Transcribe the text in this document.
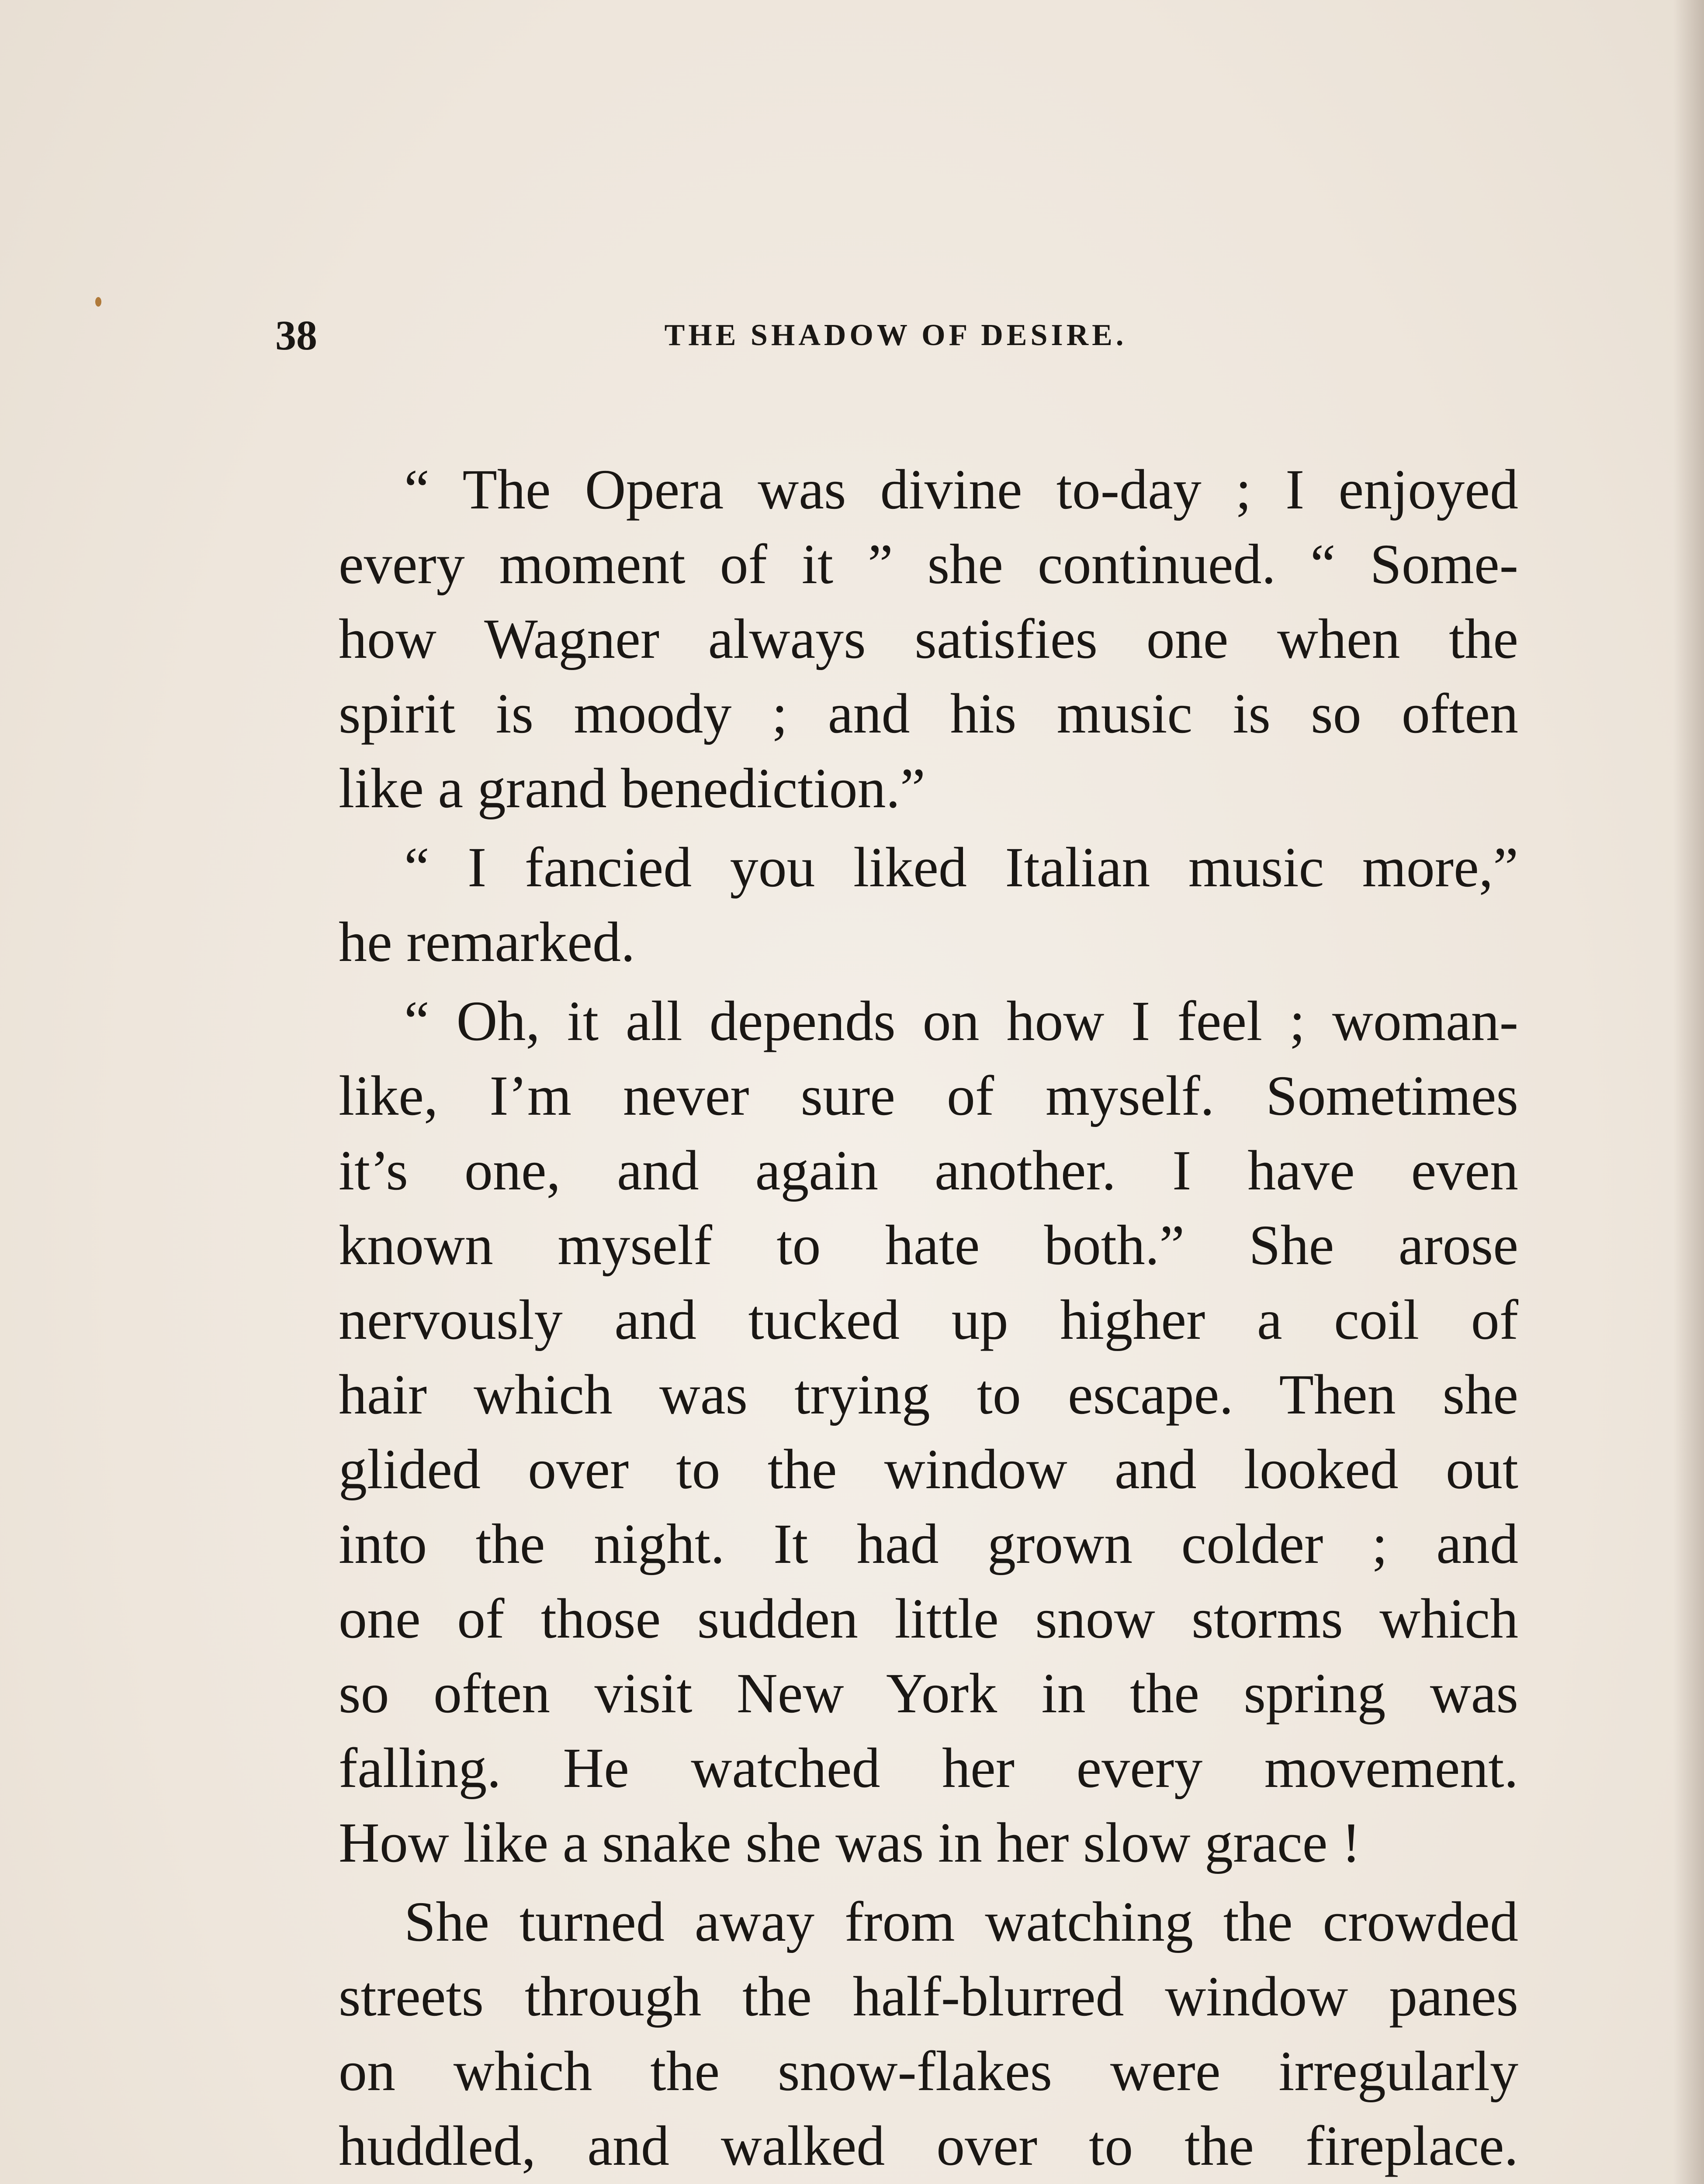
38	THE SHADOW OF DESIRE.
“ The Opera was divine to-day ; I enjoyed
every moment of it ” she continued. “ Some-
how Wagner always satisfies one when the
spirit is moody ; and his music is so often
like a grand benediction.”
“ I fancied you liked Italian music more,”
he remarked.
“ Oh, it all depends on how I feel ; woman-
like, I’m never sure of myself. Sometimes
it’s one, and again another. I have even
known myself to hate both.” She arose
nervously and tucked up higher a coil of
hair which was trying to escape. Then she
glided over to the window and looked out
into the night. It had grown colder ; and
one of those sudden little snow storms which
so often visit New York in the spring was
falling. He watched her every movement.
How like a snake she was in her slow grace !
She turned away from watching the crowded
streets through the half-blurred window panes
on which the snow-flakes were irregularly
huddled, and walked over to the fireplace.
